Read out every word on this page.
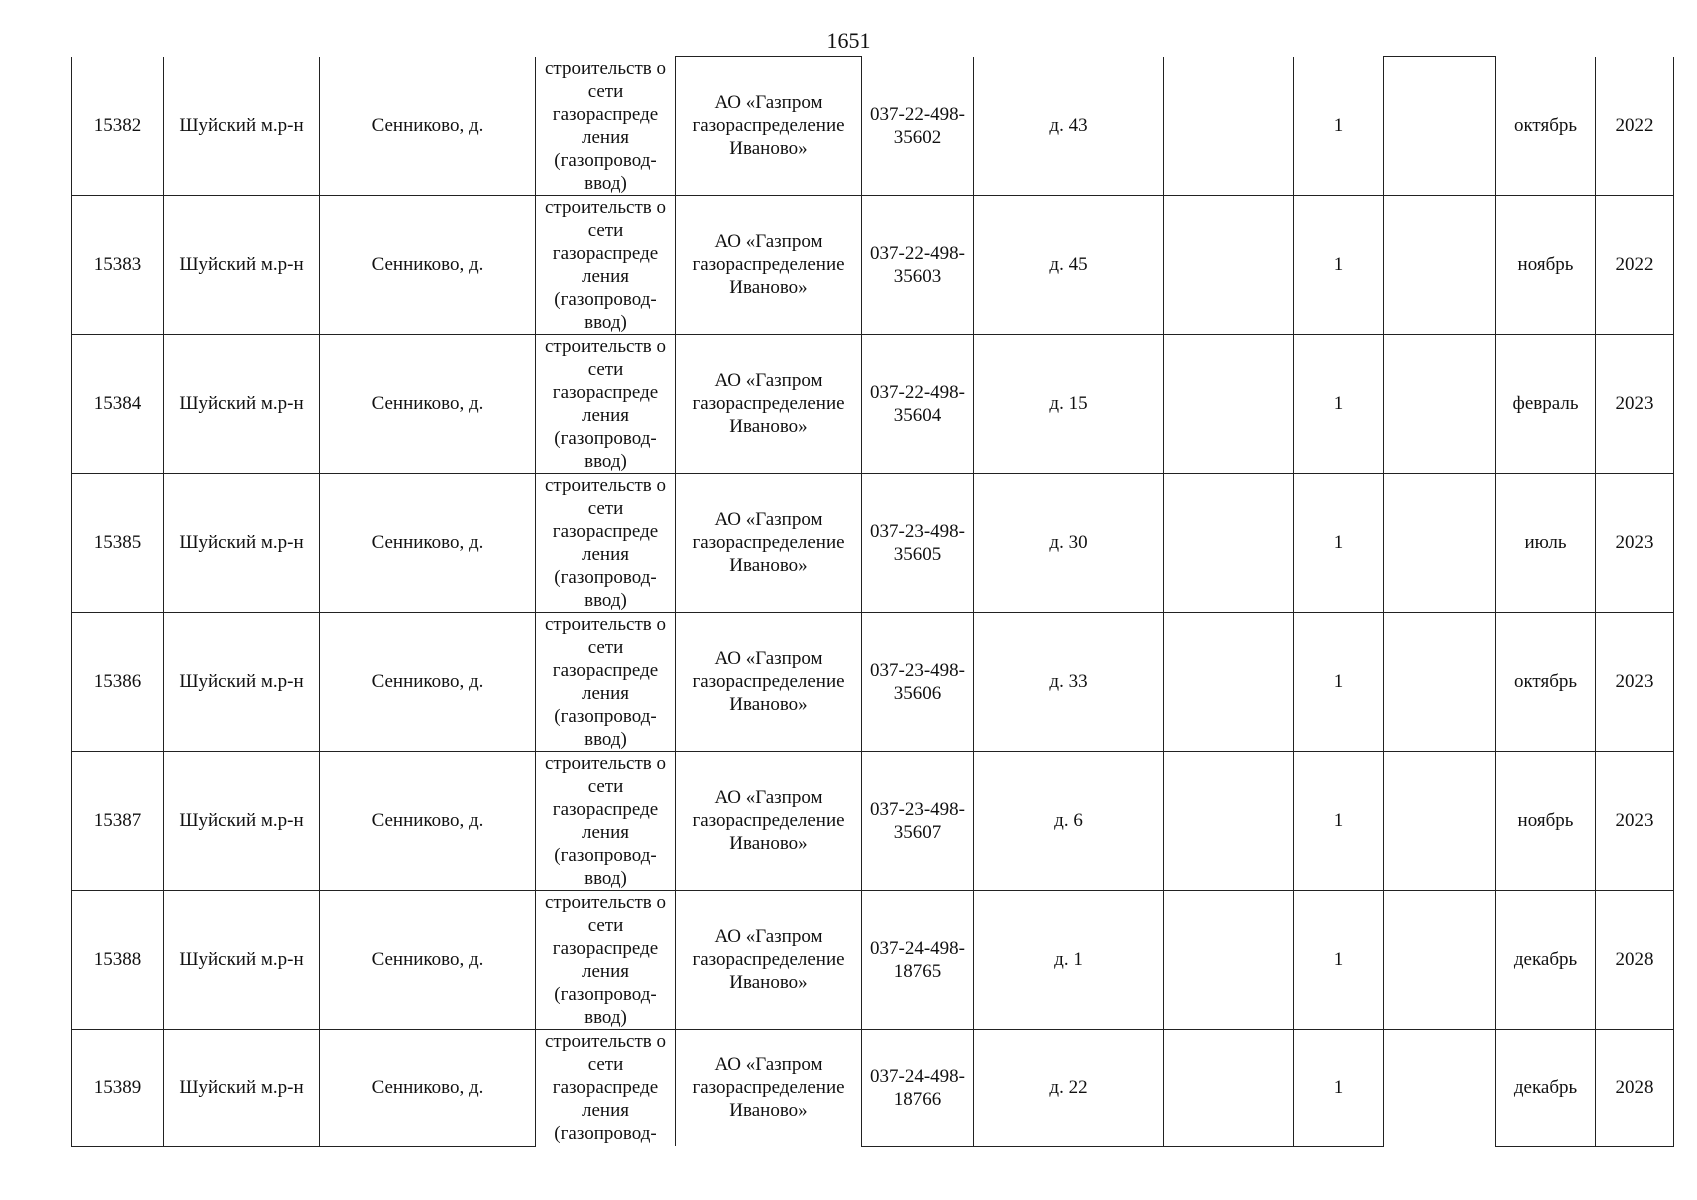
1651
15382	Шуйский м.р-н	Сенниково, д.	строительств о сети газораспреде ления (газопровод-ввод)	АО «Газпром газораспределение Иваново»	037-22-498-35602	д. 43		1		октябрь	2022
15383	Шуйский м.р-н	Сенниково, д.	строительств о сети газораспреде ления (газопровод-ввод)	АО «Газпром газораспределение Иваново»	037-22-498-35603	д. 45		1		ноябрь	2022
15384	Шуйский м.р-н	Сенниково, д.	строительств о сети газораспреде ления (газопровод-ввод)	АО «Газпром газораспределение Иваново»	037-22-498-35604	д. 15		1		февраль	2023
15385	Шуйский м.р-н	Сенниково, д.	строительств о сети газораспреде ления (газопровод-ввод)	АО «Газпром газораспределение Иваново»	037-23-498-35605	д. 30		1		июль	2023
15386	Шуйский м.р-н	Сенниково, д.	строительств о сети газораспреде ления (газопровод-ввод)	АО «Газпром газораспределение Иваново»	037-23-498-35606	д. 33		1		октябрь	2023
15387	Шуйский м.р-н	Сенниково, д.	строительств о сети газораспреде ления (газопровод-ввод)	АО «Газпром газораспределение Иваново»	037-23-498-35607	д. 6		1		ноябрь	2023
15388	Шуйский м.р-н	Сенниково, д.	строительств о сети газораспреде ления (газопровод-ввод)	АО «Газпром газораспределение Иваново»	037-24-498-18765	д. 1		1		декабрь	2028
15389	Шуйский м.р-н	Сенниково, д.	строительств о сети газораспреде ления (газопровод-	АО «Газпром газораспределение Иваново»	037-24-498-18766	д. 22		1		декабрь	2028
